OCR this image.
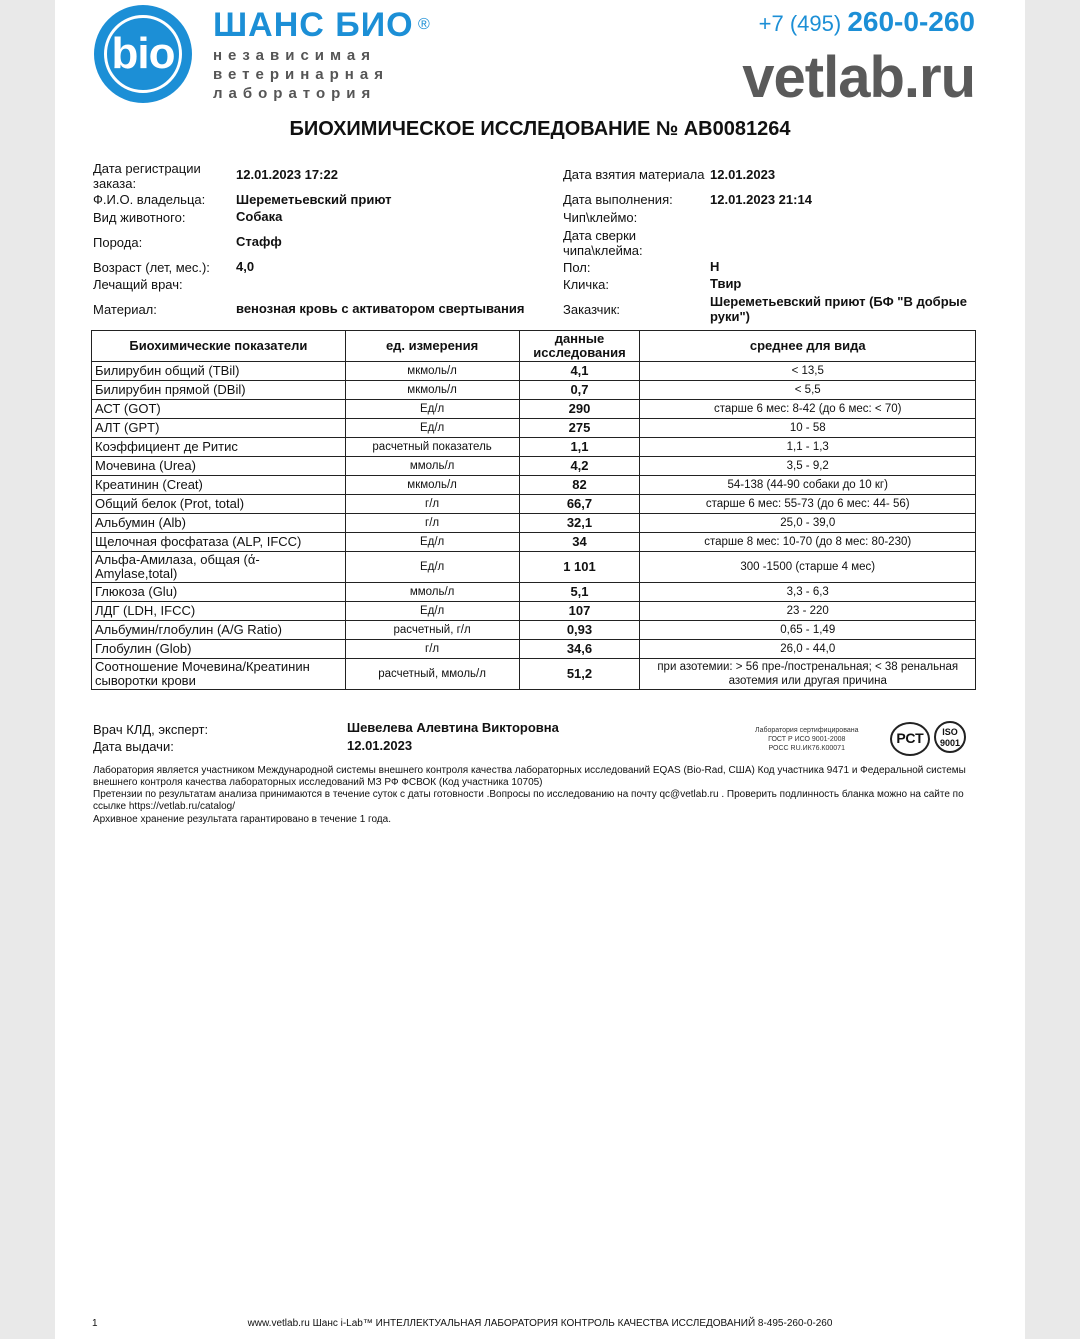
bio
ШАНС БИО ®
независимая
ветеринарная
лаборатория
+7 (495) 260-0-260
vetlab.ru
БИОХИМИЧЕСКОЕ ИССЛЕДОВАНИЕ № АВ0081264
Дата регистрации заказа:
12.01.2023 17:22
Ф.И.О. владельца: Шереметьевский приют
Вид животного:	Собака
Порода:	Стафф
Возраст (лет, мес.): 4,0
Лечащий врач:
Материал:	венозная кровь с активатором свертывания
Дата взятия материала 12.01.2023
Дата выполнения:	12.01.2023 21:14
Чип\клеймо:
Дата сверки чипа\клейма:
Пол:	Н
Кличка:	Твир
Заказчик:
Шереметьевский приют (БФ "В добрые руки")
Биохимические показатели	ед. измерения	данные исследования	среднее для вида
Билирубин общий (TBil)	мкмоль/л	4,1	< 13,5
Билирубин прямой (DBil)	мкмоль/л	0,7	< 5,5
АСТ (GOT)	Ед/л	290	старше 6 мес: 8-42 (до 6 мес: < 70)
АЛТ (GPT)	Ед/л	275	10 - 58
Коэффициент де Ритис	расчетный показатель	1,1	1,1 - 1,3
Мочевина (Urea)	ммоль/л	4,2	3,5 - 9,2
Креатинин (Creat)	мкмоль/л	82	54-138 (44-90 собаки до 10 кг)
Общий белок (Prot, total)	г/л	66,7	старше 6 мес: 55-73 (до 6 мес: 44- 56)
Альбумин (Alb)	г/л	32,1	25,0 - 39,0
Щелочная фосфатаза (ALP, IFCC)	Ед/л	34	старше 8 мес: 10-70 (до 8 мес: 80-230)
Альфа-Амилаза, общая (ά-Amylase,total)	Ед/л	1 101	300 -1500 (старше 4 мес)
Глюкоза (Glu)	ммоль/л	5,1	3,3 - 6,3
ЛДГ (LDH, IFCC)	Ед/л	107	23 - 220
Альбумин/глобулин (A/G Ratio)	расчетный, г/л	0,93	0,65 - 1,49
Глобулин (Glob)	г/л	34,6	26,0 - 44,0
Соотношение Мочевина/Креатинин сыворотки крови	расчетный, ммоль/л	51,2	при азотемии: > 56 пре-/постренальная; < 38 ренальная азотемия или другая причина
Врач КЛД, эксперт:	Шевелева Алевтина Викторовна
Дата выдачи:	12.01.2023
Лаборатория сертифицирована
ГОСТ Р ИСО 9001-2008
РОСС RU.ИК76.К00071
РСТ	ISO 9001
Лаборатория является участником Международной системы внешнего контроля качества лабораторных исследований EQAS (Bio-Rad, США) Код участника 9471 и Федеральной системы внешнего контроля качества лабораторных исследований МЗ РФ ФСВОК (Код участника 10705)
Претензии по результатам анализа принимаются в течение суток с даты готовности .Вопросы по исследованию на почту qc@vetlab.ru . Проверить подлинность бланка можно на сайте по ссылке https://vetlab.ru/catalog/
Архивное хранение результата гарантировано в течение 1 года.
1	www.vetlab.ru Шанс i-Lab™ ИНТЕЛЛЕКТУАЛЬНАЯ ЛАБОРАТОРИЯ КОНТРОЛЬ КАЧЕСТВА ИССЛЕДОВАНИЙ 8-495-260-0-260
